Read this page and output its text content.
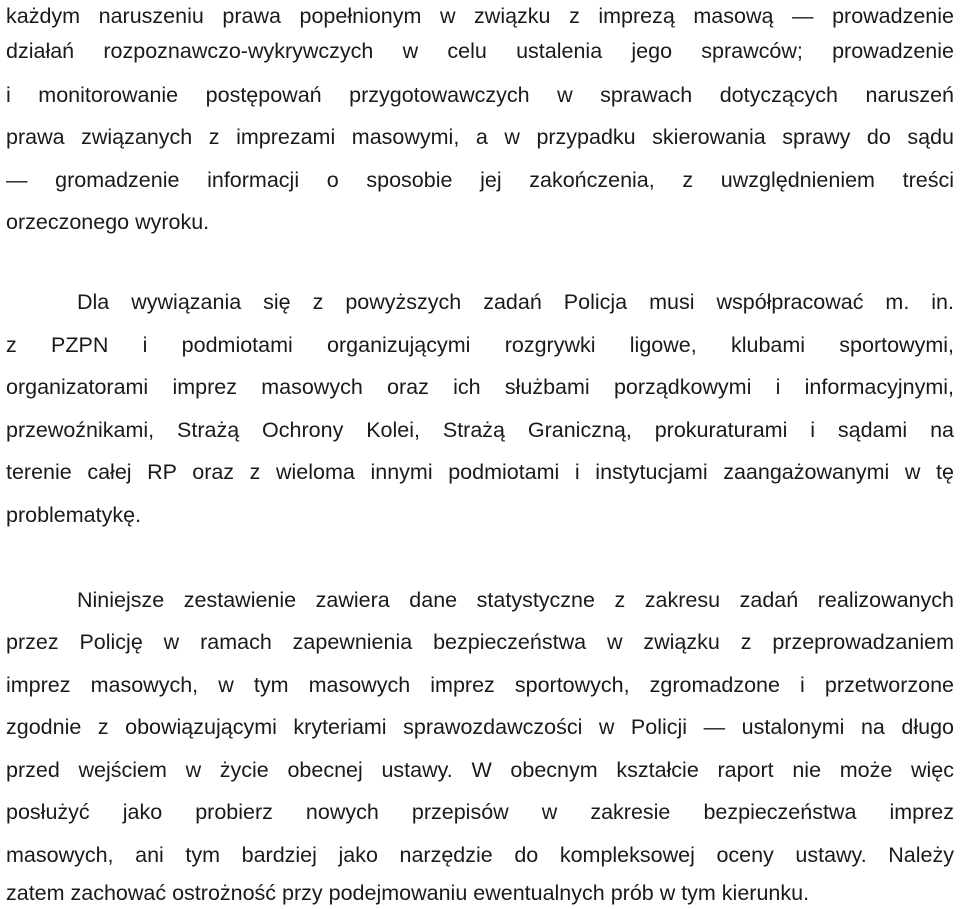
każdym naruszeniu prawa popełnionym w związku z imprezą masową — prowadzenie
działań rozpoznawczo-wykrywczych w celu ustalenia jego sprawców; prowadzenie
i monitorowanie postępowań przygotowawczych w sprawach dotyczących naruszeń
prawa związanych z imprezami masowymi, a w przypadku skierowania sprawy do sądu
— gromadzenie informacji o sposobie jej zakończenia, z uwzględnieniem treści
orzeczonego wyroku.
Dla wywiązania się z powyższych zadań Policja musi współpracować m. in.
z PZPN i podmiotami organizującymi rozgrywki ligowe, klubami sportowymi,
organizatorami imprez masowych oraz ich służbami porządkowymi i informacyjnymi,
przewoźnikami, Strażą Ochrony Kolei, Strażą Graniczną, prokuraturami i sądami na
terenie całej RP oraz z wieloma innymi podmiotami i instytucjami zaangażowanymi w tę
problematykę.
Niniejsze zestawienie zawiera dane statystyczne z zakresu zadań realizowanych
przez Policję w ramach zapewnienia bezpieczeństwa w związku z przeprowadzaniem
imprez masowych, w tym masowych imprez sportowych, zgromadzone i przetworzone
zgodnie z obowiązującymi kryteriami sprawozdawczości w Policji — ustalonymi na długo
przed wejściem w życie obecnej ustawy. W obecnym kształcie raport nie może więc
posłużyć jako probierz nowych przepisów w zakresie bezpieczeństwa imprez
masowych, ani tym bardziej jako narzędzie do kompleksowej oceny ustawy. Należy
zatem zachować ostrożność przy podejmowaniu ewentualnych prób w tym kierunku.
